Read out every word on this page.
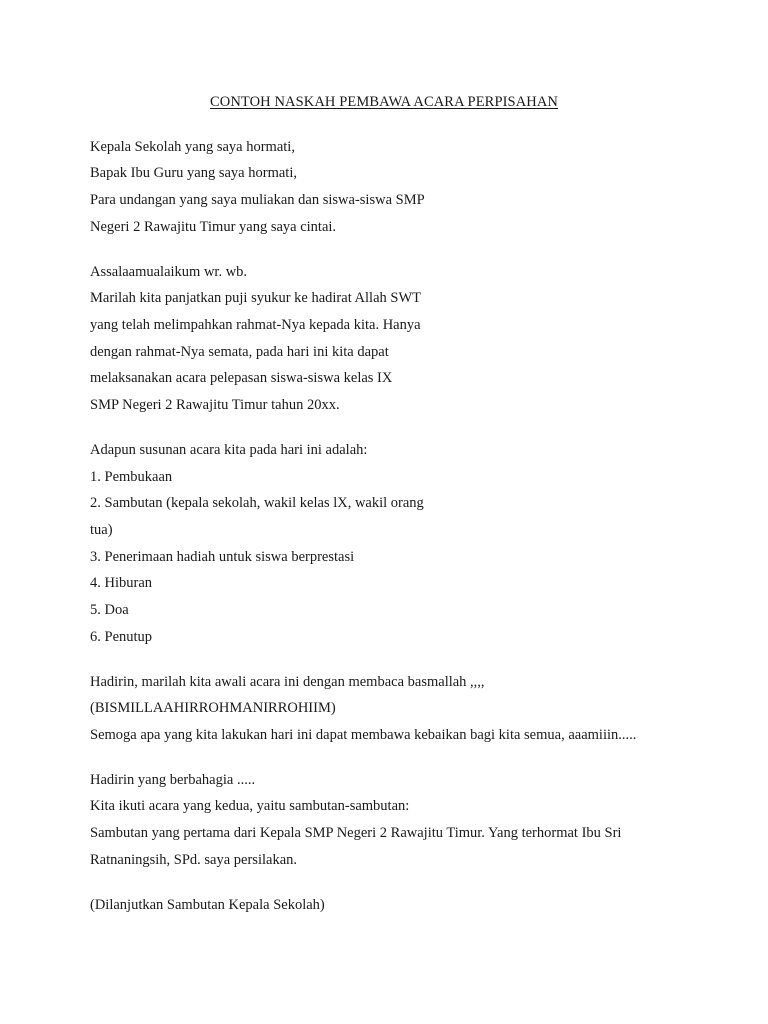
CONTOH NASKAH PEMBAWA ACARA PERPISAHAN
Kepala Sekolah yang saya hormati,
Bapak Ibu Guru yang saya hormati,
Para undangan yang saya muliakan dan siswa-siswa SMP
Negeri 2 Rawajitu Timur yang saya cintai.
Assalaamualaikum wr. wb.
Marilah kita panjatkan puji syukur ke hadirat Allah SWT
yang telah melimpahkan rahmat-Nya kepada kita. Hanya
dengan rahmat-Nya semata, pada hari ini kita dapat
melaksanakan acara pelepasan siswa-siswa kelas IX
SMP Negeri 2 Rawajitu Timur tahun 20xx.
Adapun susunan acara kita pada hari ini adalah:
1. Pembukaan
2. Sambutan (kepala sekolah, wakil kelas lX, wakil orang
tua)
3. Penerimaan hadiah untuk siswa berprestasi
4. Hiburan
5. Doa
6. Penutup
Hadirin, marilah kita awali acara ini dengan membaca basmallah ,,,,
(BISMILLAAHIRROHMANIRROHIIM)
Semoga apa yang kita lakukan hari ini dapat membawa kebaikan bagi kita semua, aaamiiin.....
Hadirin yang berbahagia .....
Kita ikuti acara yang kedua, yaitu sambutan-sambutan:
Sambutan yang pertama dari Kepala SMP Negeri 2 Rawajitu Timur. Yang terhormat Ibu Sri
Ratnaningsih, SPd. saya persilakan.
(Dilanjutkan Sambutan Kepala Sekolah)
